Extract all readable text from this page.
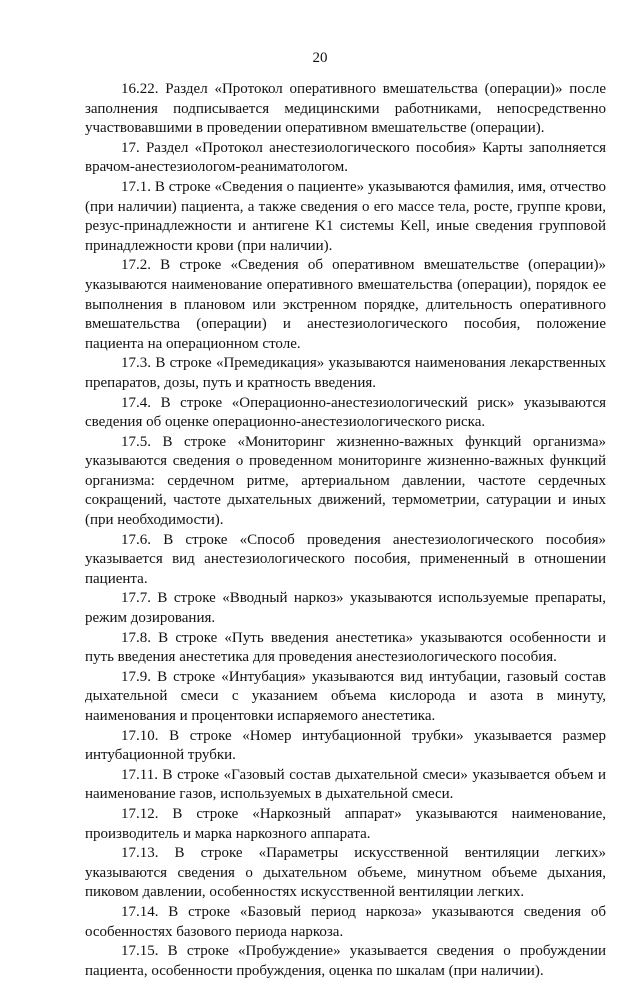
20

16.22. Раздел «Протокол оперативного вмешательства (операции)» после заполнения подписывается медицинскими работниками, непосредственно участвовавшими в проведении оперативном вмешательстве (операции).

17. Раздел «Протокол анестезиологического пособия» Карты заполняется врачом-анестезиологом-реаниматологом.

17.1. В строке «Сведения о пациенте» указываются фамилия, имя, отчество (при наличии) пациента, а также сведения о его массе тела, росте, группе крови, резус-принадлежности и антигене K1 системы Kell, иные сведения групповой принадлежности крови (при наличии).

17.2. В строке «Сведения об оперативном вмешательстве (операции)» указываются наименование оперативного вмешательства (операции), порядок ее выполнения в плановом или экстренном порядке, длительность оперативного вмешательства (операции) и анестезиологического пособия, положение пациента на операционном столе.

17.3. В строке «Премедикация» указываются наименования лекарственных препаратов, дозы, путь и кратность введения.

17.4. В строке «Операционно-анестезиологический риск» указываются сведения об оценке операционно-анестезиологического риска.

17.5. В строке «Мониторинг жизненно-важных функций организма» указываются сведения о проведенном мониторинге жизненно-важных функций организма: сердечном ритме, артериальном давлении, частоте сердечных сокращений, частоте дыхательных движений, термометрии, сатурации и иных (при необходимости).

17.6. В строке «Способ проведения анестезиологического пособия» указывается вид анестезиологического пособия, примененный в отношении пациента.

17.7. В строке «Вводный наркоз» указываются используемые препараты, режим дозирования.

17.8. В строке «Путь введения анестетика» указываются особенности и путь введения анестетика для проведения анестезиологического пособия.

17.9. В строке «Интубация» указываются вид интубации, газовый состав дыхательной смеси с указанием объема кислорода и азота в минуту, наименования и процентовки испаряемого анестетика.

17.10. В строке «Номер интубационной трубки» указывается размер интубационной трубки.

17.11. В строке «Газовый состав дыхательной смеси» указывается объем и наименование газов, используемых в дыхательной смеси.

17.12. В строке «Наркозный аппарат» указываются наименование, производитель и марка наркозного аппарата.

17.13. В строке «Параметры искусственной вентиляции легких» указываются сведения о дыхательном объеме, минутном объеме дыхания, пиковом давлении, особенностях искусственной вентиляции легких.

17.14. В строке «Базовый период наркоза» указываются сведения об особенностях базового периода наркоза.

17.15. В строке «Пробуждение» указывается сведения о пробуждении пациента, особенности пробуждения, оценка по шкалам (при наличии).
